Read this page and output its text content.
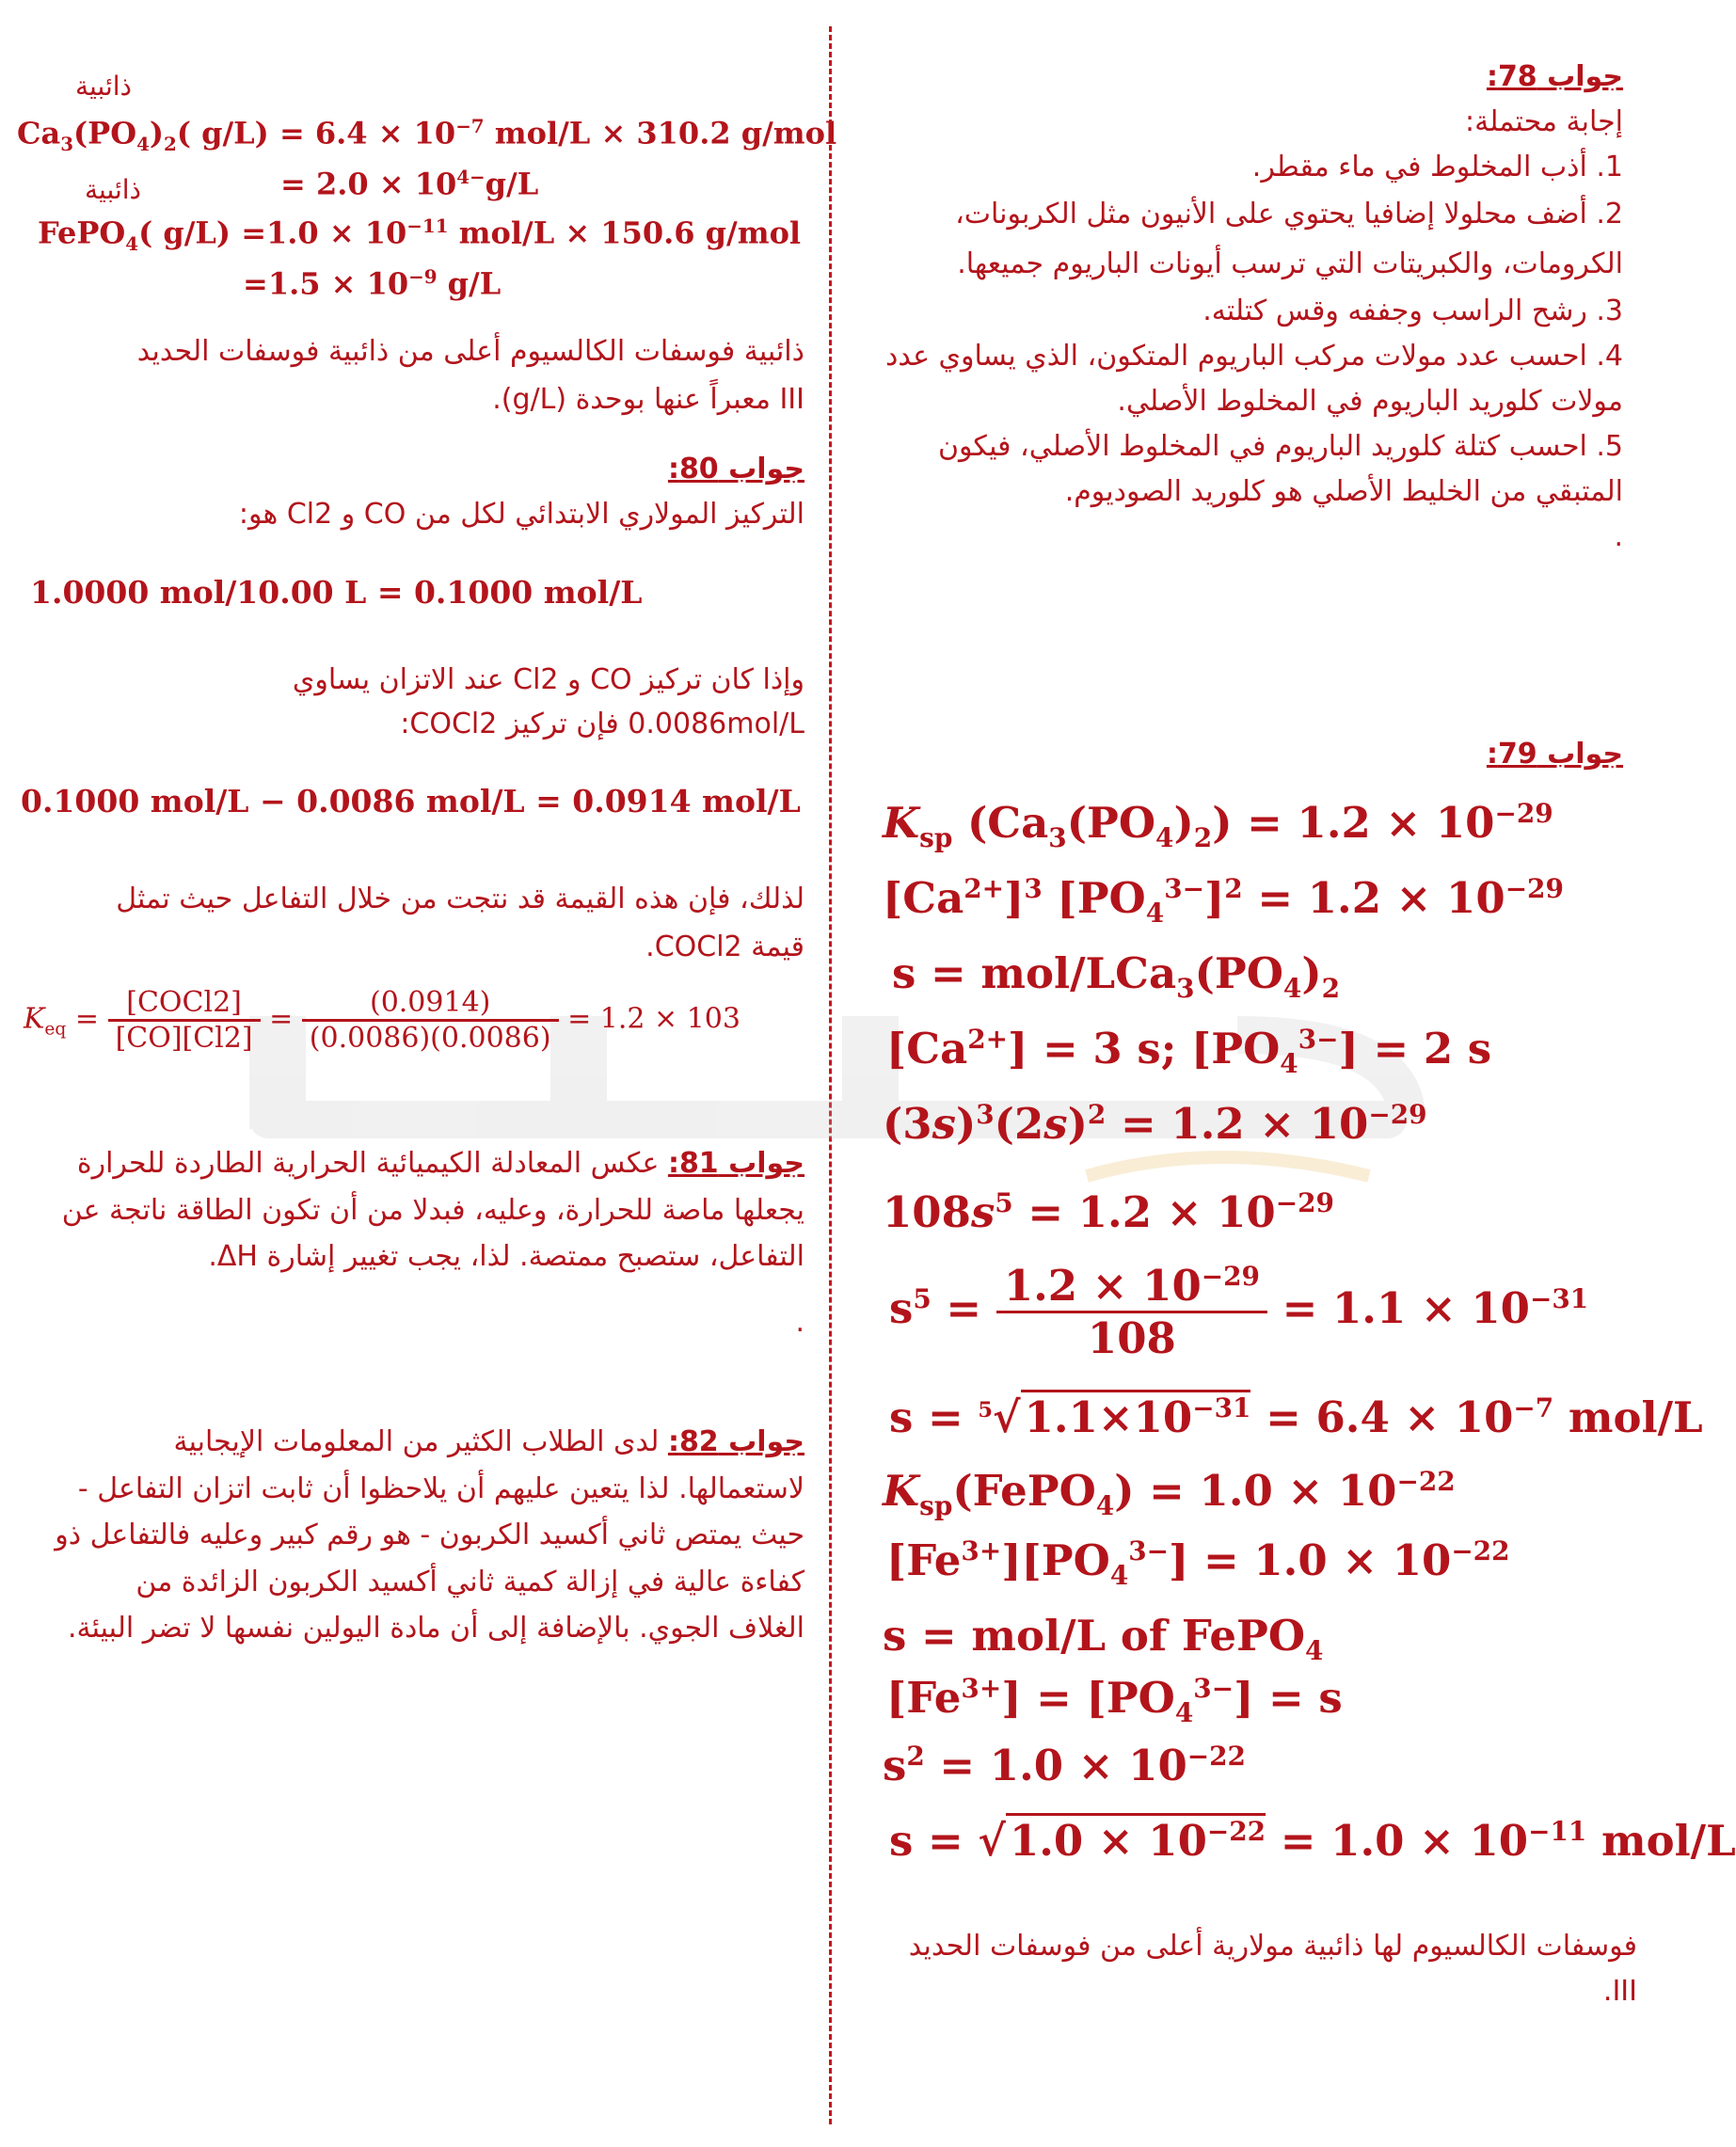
جواب 78:

إجابة محتملة:

1. أذب المخلوط في ماء مقطر.

2. أضف محلولا إضافيا يحتوي على الأنيون مثل الكربونات، الكرومات، والكبريتات التي ترسب أيونات الباريوم جميعها.

3. رشح الراسب وجففه وقس كتلته.

4. احسب عدد مولات مركب الباريوم المتكون، الذي يساوي عدد مولات كلوريد الباريوم في المخلوط الأصلي.

5. احسب كتلة كلوريد الباريوم في المخلوط الأصلي، فيكون المتبقي من الخليط الأصلي هو كلوريد الصوديوم.

.

جواب 79:

$K_{sp}$ $(Ca_3(PO_4)_2) = 1.2 \times 10^{-29}$
$[Ca^{2+}]^3$ $[PO_4^{3-}]^2 = 1.2 \times 10^{-29}$
s = mol/$LCa_3(PO_4)_2$
$[Ca^{2+}] = 3$ s; $[PO_4^{3-}] = 2$ s
$(3s)^3(2s)^2 = 1.2 \times 10^{-29}$
$108s^5 = 1.2 \times 10^{-29}$
$s^5 = \frac{1.2 \times 10^{-29}}{108} = 1.1 \times 10^{-31}$
$s = ^5√1.1\times 10^{-31} = 6.4 \times 10^{-7}$ mol/L
$K_{sp}(FePO_4) = 1.0 \times 10^{-22}$
$[Fe^{3+}][PO_4^{3-}] = 1.0 \times 10^{-22}$
s = mol/L of FePO$_4$
$[Fe^{3+}] = [PO_4^{3-}] = s$
$s^2 = 1.0 \times 10^{-22}$
$s = √1.0 \times 10^{-22} = 1.0 \times 10^{-11}$ mol/L

فوسفات الكالسيوم لها ذائبية مولارية أعلى من فوسفات الحديد III.

ذائبية

$Ca_3(PO_4)_2$( $g/L) = 6.4 \times 10^{-7}$ mol/L × 310.2 g/mol
= $2.0 \times 10^{4-}g/L$

ذائبية

FePO$_4$( $g/L) =1.0 \times 10^{-11}$ mol/L × 150.6 g/mol
$=1.5 \times 10^{-9}$ g/L

ذائبية فوسفات الكالسيوم أعلى من ذائبية فوسفات الحديد III معبراً عنها بوحدة (g/L).

جواب 80:

التركيز المولاري الابتدائي لكل من CO و Cl2 هو:

1.0000 mol/10.00 L = 0.1000 mol/L

وإذا كان تركيز CO و Cl2 عند الاتزان يساوي 0.0086mol/L فإن تركيز COCl2:

0.1000 mol/L − 0.0086 mol/L = 0.0914 mol/L

لذلك، فإن هذه القيمة قد نتجت من خلال التفاعل حيث تمثل قيمة COCl2.

$K_{eq} = \frac{\text{[COCl2]}}{[CO][Cl2]} = \frac{(0.0914)}{(0.0086)(0.0086)} = 1.2 \times 103$

جواب 81: عكس المعادلة الكيميائية الحرارية الطاردة للحرارة يجعلها ماصة للحرارة، وعليه، فبدلا من أن تكون الطاقة ناتجة عن التفاعل، ستصبح ممتصة. لذا، يجب تغيير إشارة ΔH.

.

جواب 82: لدى الطلاب الكثير من المعلومات الإيجابية لاستعمالها. لذا يتعين عليهم أن يلاحظوا أن ثابت اتزان التفاعل - حيث يمتص ثاني أكسيد الكربون - هو رقم كبير وعليه فالتفاعل ذو كفاءة عالية في إزالة كمية ثاني أكسيد الكربون الزائدة من الغلاف الجوي. بالإضافة إلى أن مادة اليولين نفسها لا تضر البيئة.
